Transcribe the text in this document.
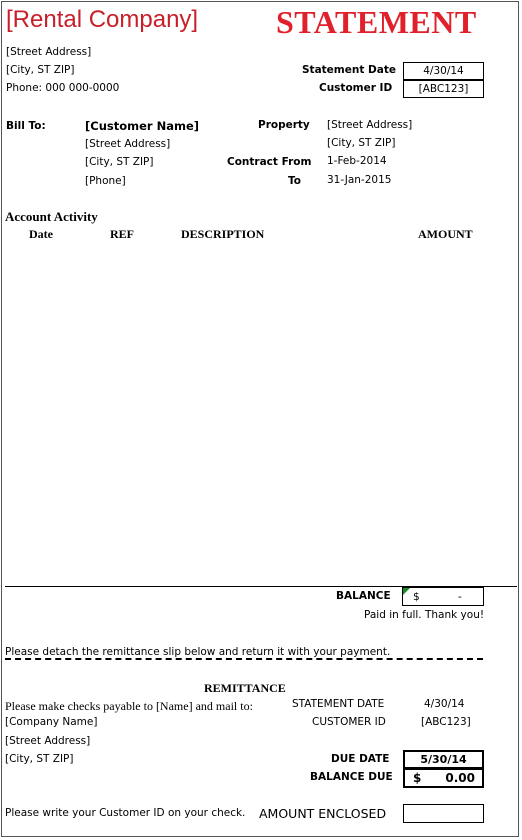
[Rental Company] STATEMENT
[Street Address]
[City, ST ZIP]
Phone: 000 000-0000
Statement Date	4/30/14
Customer ID	[ABC123]
Bill To:	[Customer Name]
[Street Address]
[City, ST ZIP]
[Phone]
Property [Street Address]
[City, ST ZIP]
Contract From 1-Feb-2014
To 31-Jan-2015
Account Activity
Date	REF	DESCRIPTION	AMOUNT
BALANCE $	-
Paid in full. Thank you!
Please detach the remittance slip below and return it with your payment.
REMITTANCE
Please make checks payable to [Name] and mail to:
[Company Name]
[Street Address]
[City, ST ZIP]
STATEMENT DATE	4/30/14
CUSTOMER ID	[ABC123]
DUE DATE	5/30/14
BALANCE DUE $ 0.00
Please write your Customer ID on your check. AMOUNT ENCLOSED
